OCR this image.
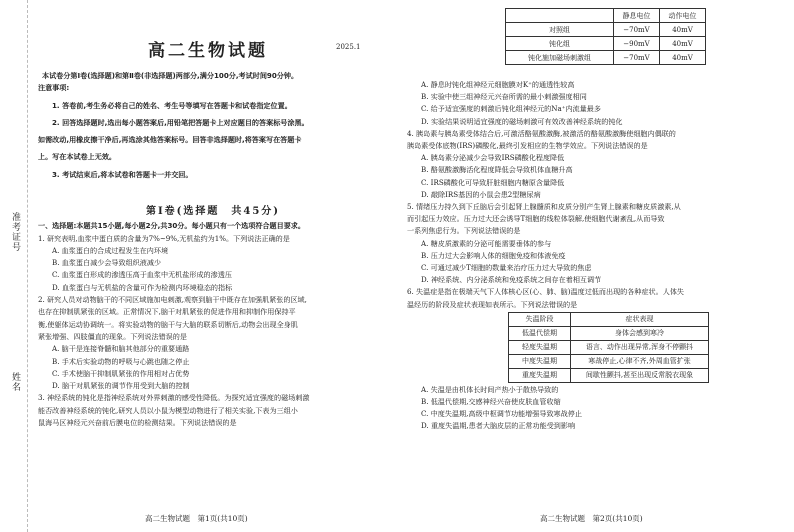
准考证号
姓名
高二生物试题	2025.1
本试卷分第Ⅰ卷(选择题)和第Ⅱ卷(非选择题)两部分,满分100分,考试时间90分钟。
注意事项:
1. 答卷前,考生务必将自己的姓名、考生号等填写在答题卡和试卷指定位置。
2. 回答选择题时,选出每小题答案后,用铅笔把答题卡上对应题目的答案标号涂黑。
如需改动,用橡皮擦干净后,再选涂其他答案标号。回答非选择题时,将答案写在答题卡
上。写在本试卷上无效。
3. 考试结束后,将本试卷和答题卡一并交回。
第Ⅰ卷(选择题　共45分)
一、选择题:本题共15小题,每小题2分,共30分。每小题只有一个选项符合题目要求。
1. 研究表明,血浆中蛋白质的含量为7%~9%,无机盐约为1%。下列说法正确的是
A. 血浆蛋白的合成过程发生在内环境
B. 血浆蛋白减少会导致组织液减少
C. 血浆蛋白形成的渗透压高于血浆中无机盐形成的渗透压
D. 血浆蛋白与无机盐的含量可作为检测内环境稳态的指标
2. 研究人员对动物脑干的不同区域施加电刺激,观察到脑干中既存在加强肌紧张的区域,
也存在抑制肌紧张的区域。正常情况下,脑干对肌紧张的促进作用和抑制作用保持平
衡,使躯体运动协调统一。将实验动物的脑干与大脑的联系切断后,动物会出现全身肌
紧张增强、四肢僵直的现象。下列说法错误的是
A. 脑干是连接脊髓和脑其他部分的重要通路
B. 手术后实验动物的呼吸与心跳也随之停止
C. 手术使脑干抑制肌紧张的作用相对占优势
D. 脑干对肌紧张的调节作用受到大脑的控制
3. 神经系统的钝化是指神经系统对外界刺激的感受性降低。为探究适宜强度的磁场刺激
能否改善神经系统的钝化,研究人员以小鼠为模型动物进行了相关实验,下表为三组小
鼠海马区神经元兴奋前后膜电位的检测结果。下列说法错误的是
高二生物试题　第1页(共10页)
	静息电位	动作电位
对照组	−70mV	40mV
钝化组	−90mV	40mV
钝化施加磁场刺激组	−70mV	40mV
A. 静息时钝化组神经元细胞膜对K⁺的通透性较高
B. 实验中使三组神经元兴奋所需的最小刺激强度相同
C. 给予适宜强度的刺激后钝化组神经元的Na⁺内流量最多
D. 实验结果说明适宜强度的磁场刺激可有效改善神经系统的钝化
4. 胰岛素与胰岛素受体结合后,可激活酪氨酸激酶,被激活的酪氨酸激酶使细胞内偶联的
胰岛素受体底物(IRS)磷酸化,最终引发相应的生物学效应。下列说法错误的是
A. 胰岛素分泌减少会导致IRS磷酸化程度降低
B. 酪氨酸激酶活化程度降低会导致机体血糖升高
C. IRS磷酸化可导致肝脏细胞内糖原含量降低
D. 敲除IRS基因的小鼠会患2型糖尿病
5. 情绪压力持久到下丘脑后会引起肾上腺髓质和皮质分别产生肾上腺素和糖皮质激素,从
而引起压力效应。压力过大还会诱导T细胞的线粒体裂解,使细胞代谢紊乱,从而导致
一系列焦虑行为。下列说法错误的是
A. 糖皮质激素的分泌可能需要垂体的参与
B. 压力过大会影响人体的细胞免疫和体液免疫
C. 可通过减少T细胞的数量来治疗压力过大导致的焦虑
D. 神经系统、内分泌系统和免疫系统之间存在着相互调节
6. 失温症是指在极端天气下人体核心区(心、肺、脑)温度过低而出现的各种症状。人体失
温经历的阶段及症状表现如表所示。下列说法错误的是
失温阶段	症状表现
低温代偿期	身体会感到寒冷
轻度失温期	语言、动作出现异常,浑身不停颤抖
中度失温期	寒战停止,心律不齐,外周血管扩张
重度失温期	间歇性颤抖,甚至出现反常脱衣现象
A. 失温是由机体长时间产热小于散热导致的
B. 低温代偿期,交感神经兴奋使皮肤血管收缩
C. 中度失温期,高级中枢调节功能增强导致寒战停止
D. 重度失温期,患者大脑皮层的正常功能受到影响
高二生物试题　第2页(共10页)
